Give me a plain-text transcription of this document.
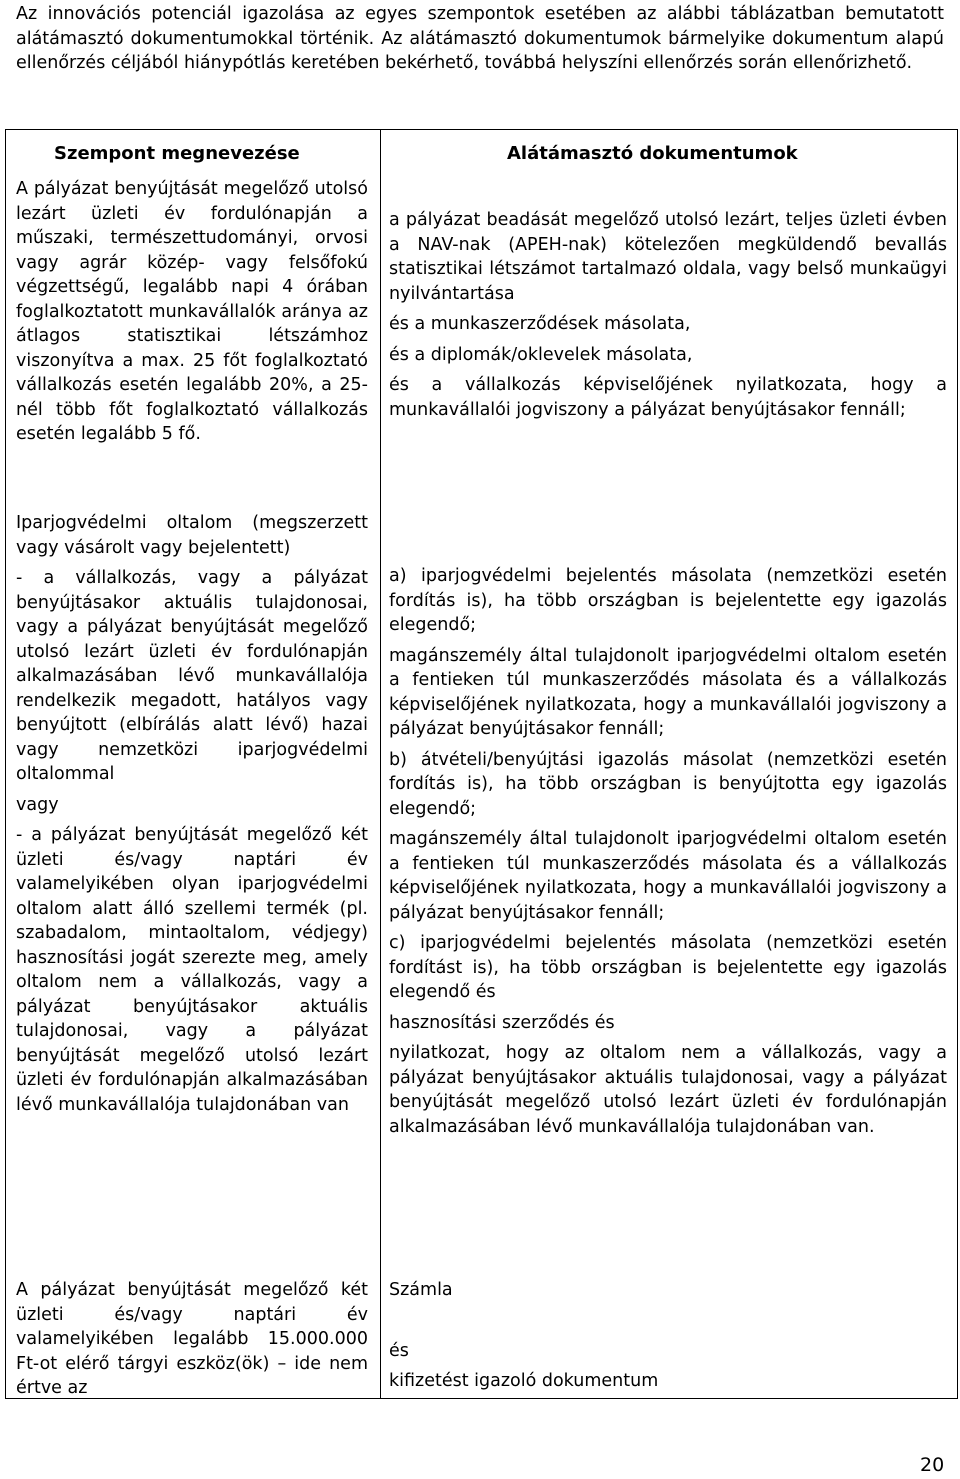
Az innovációs potenciál igazolása az egyes szempontok esetében az alábbi táblázatban bemutatott alátámasztó dokumentumokkal történik. Az alátámasztó dokumentumok bármelyike dokumentum alapú ellenőrzés céljából hiánypótlás keretében bekérhető, továbbá helyszíni ellenőrzés során ellenőrizhető.
Szempont megnevezése	Alátámasztó dokumentumok

A pályázat benyújtását megelőző utolsó lezárt üzleti év fordulónapján a műszaki, természettudományi, orvosi vagy agrár közép- vagy felsőfokú végzettségű, legalább napi 4 órában foglalkoztatott munkavállalók aránya az átlagos statisztikai létszámhoz viszonyítva a max. 25 főt foglalkoztató vállalkozás esetén legalább 20%, a 25-nél több főt foglalkoztató vállalkozás esetén legalább 5 fő.

a pályázat beadását megelőző utolsó lezárt, teljes üzleti évben a NAV-nak (APEH-nak) kötelezően megküldendő bevallás statisztikai létszámot tartalmazó oldala, vagy belső munkaügyi nyilvántartása

és a munkaszerződések másolata,

és a diplomák/oklevelek másolata,

és a vállalkozás képviselőjének nyilatkozata, hogy a munkavállalói jogviszony a pályázat benyújtásakor fennáll;

Iparjogvédelmi oltalom (megszerzett vagy vásárolt vagy bejelentett)

- a vállalkozás, vagy a pályázat benyújtásakor aktuális tulajdonosai, vagy a pályázat benyújtását megelőző utolsó lezárt üzleti év fordulónapján alkalmazásában lévő munkavállalója rendelkezik megadott, hatályos vagy benyújtott (elbírálás alatt lévő) hazai vagy nemzetközi iparjogvédelmi oltalommal

vagy

- a pályázat benyújtását megelőző két üzleti és/vagy naptári év valamelyikében olyan iparjogvédelmi oltalom alatt álló szellemi termék (pl. szabadalom, mintaoltalom, védjegy) hasznosítási jogát szerezte meg, amely oltalom nem a vállalkozás, vagy a pályázat benyújtásakor aktuális tulajdonosai, vagy a pályázat benyújtását megelőző utolsó lezárt üzleti év fordulónapján alkalmazásában lévő munkavállalója tulajdonában van

a) iparjogvédelmi bejelentés másolata (nemzetközi esetén fordítás is), ha több országban is bejelentette egy igazolás elegendő;

magánszemély által tulajdonolt iparjogvédelmi oltalom esetén a fentieken túl munkaszerződés másolata és a vállalkozás képviselőjének nyilatkozata, hogy a munkavállalói jogviszony a pályázat benyújtásakor fennáll;

b) átvételi/benyújtási igazolás másolat (nemzetközi esetén fordítás is), ha több országban is benyújtotta egy igazolás elegendő;

magánszemély által tulajdonolt iparjogvédelmi oltalom esetén a fentieken túl munkaszerződés másolata és a vállalkozás képviselőjének nyilatkozata, hogy a munkavállalói jogviszony a pályázat benyújtásakor fennáll;

c) iparjogvédelmi bejelentés másolata (nemzetközi esetén fordítást is), ha több országban is bejelentette egy igazolás elegendő és

hasznosítási szerződés és

nyilatkozat, hogy az oltalom nem a vállalkozás, vagy a pályázat benyújtásakor aktuális tulajdonosai, vagy a pályázat benyújtását megelőző utolsó lezárt üzleti év fordulónapján alkalmazásában lévő munkavállalója tulajdonában van.

A pályázat benyújtását megelőző két üzleti és/vagy naptári év valamelyikében legalább 15.000.000 Ft-ot elérő tárgyi eszköz(ök) – ide nem értve az

Számla

és

kifizetést igazoló dokumentum

20
